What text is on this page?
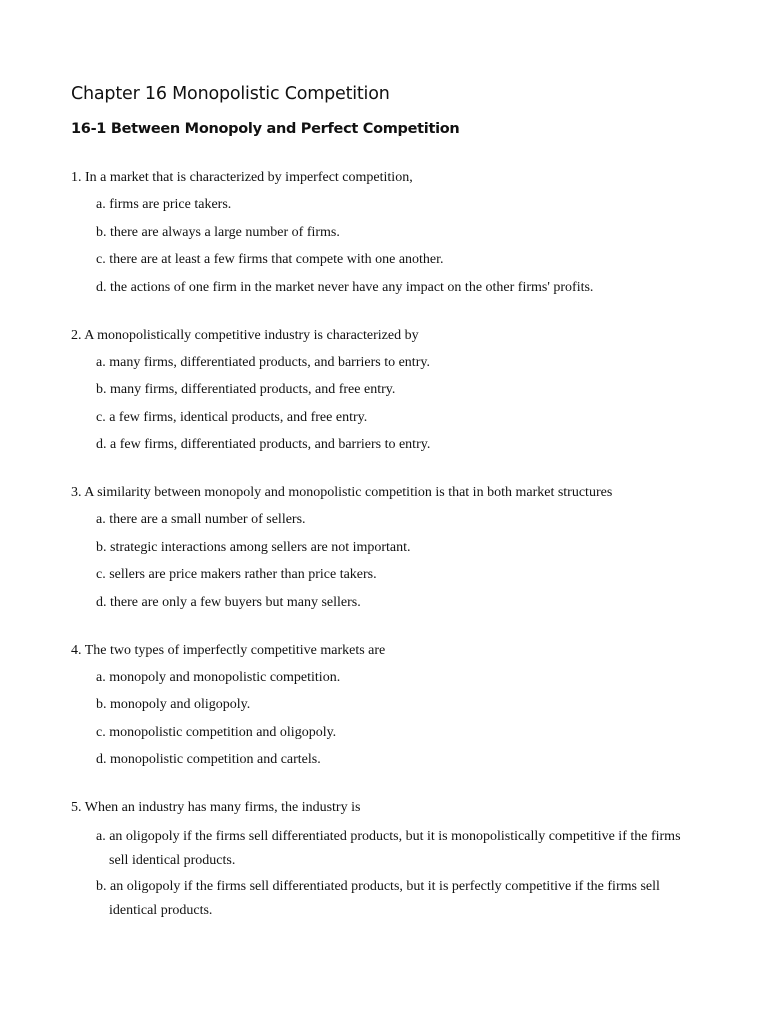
Chapter 16 Monopolistic Competition
16-1 Between Monopoly and Perfect Competition

1. In a market that is characterized by imperfect competition,

a. firms are price takers.

b. there are always a large number of firms.

c. there are at least a few firms that compete with one another.

d. the actions of one firm in the market never have any impact on the other firms' profits.

2. A monopolistically competitive industry is characterized by

a. many firms, differentiated products, and barriers to entry.

b. many firms, differentiated products, and free entry.

c. a few firms, identical products, and free entry.

d. a few firms, differentiated products, and barriers to entry.

3. A similarity between monopoly and monopolistic competition is that in both market structures

a. there are a small number of sellers.

b. strategic interactions among sellers are not important.

c. sellers are price makers rather than price takers.

d. there are only a few buyers but many sellers.

4. The two types of imperfectly competitive markets are

a. monopoly and monopolistic competition.

b. monopoly and oligopoly.

c. monopolistic competition and oligopoly.

d. monopolistic competition and cartels.

5. When an industry has many firms, the industry is

a. an oligopoly if the firms sell differentiated products, but it is monopolistically competitive if the firms sell identical products.

b. an oligopoly if the firms sell differentiated products, but it is perfectly competitive if the firms sell identical products.
